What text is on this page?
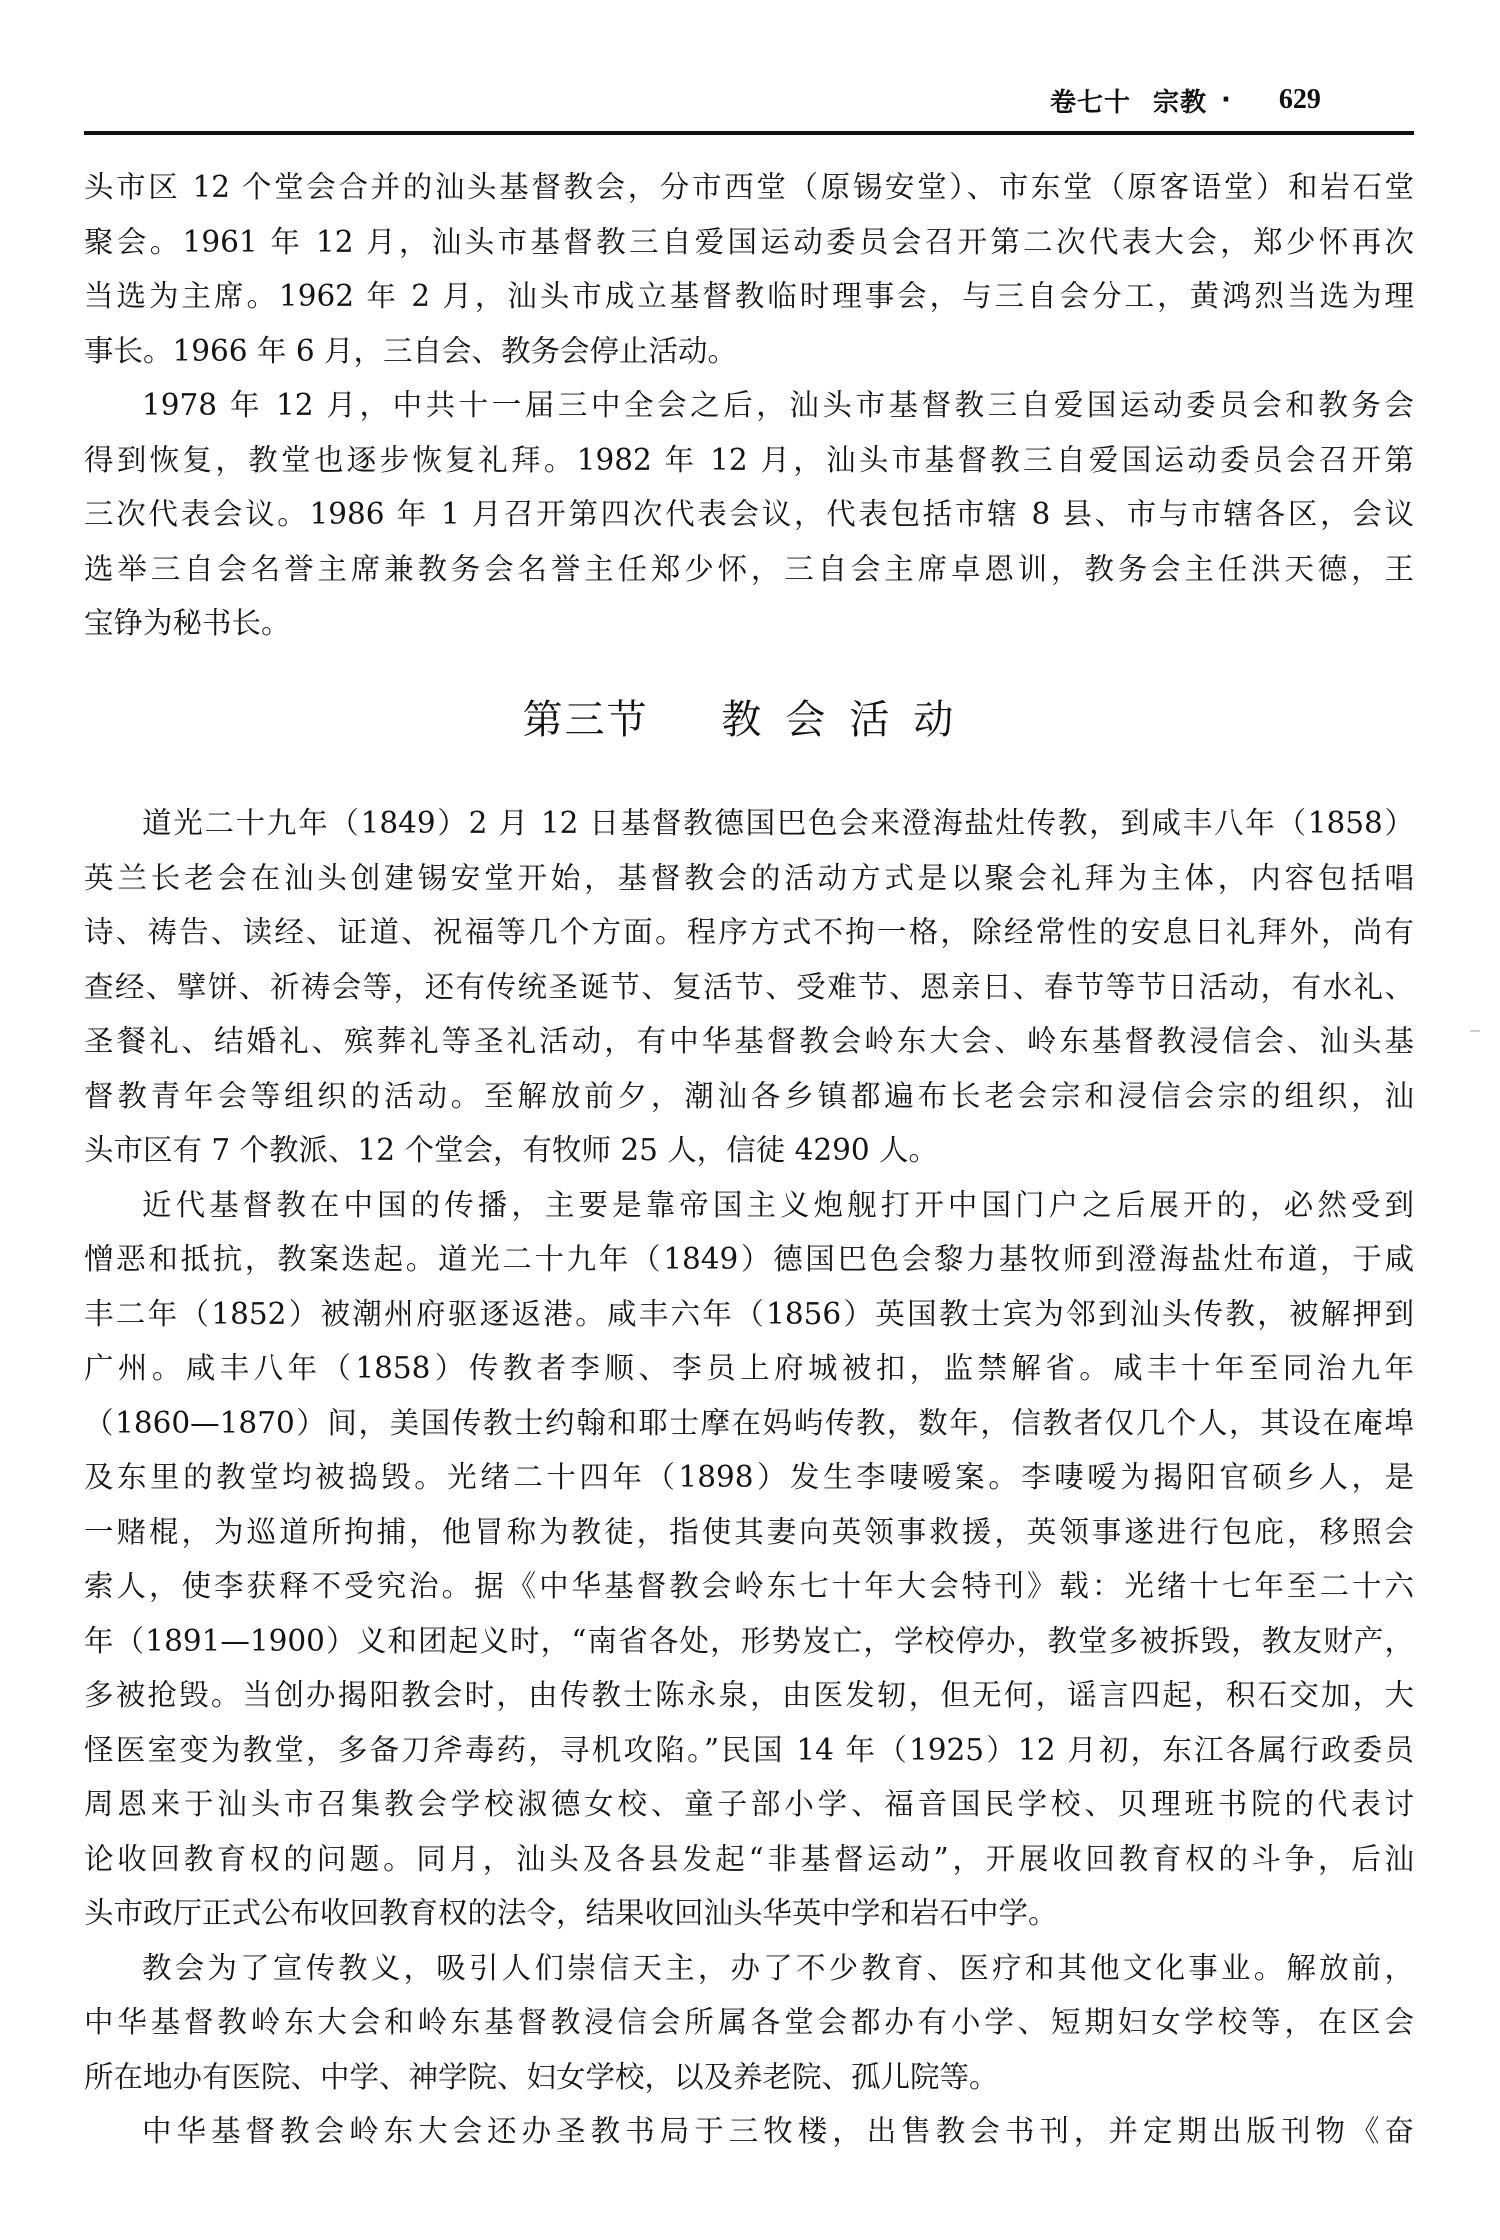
卷七十 宗教 · 629
头市区 12 个堂会合并的汕头基督教会，分市西堂（原锡安堂）、市东堂（原客语堂）和岩石堂
聚会。1961 年 12 月，汕头市基督教三自爱国运动委员会召开第二次代表大会，郑少怀再次
当选为主席。1962 年 2 月，汕头市成立基督教临时理事会，与三自会分工，黄鸿烈当选为理
事长。1966 年 6 月，三自会、教务会停止活动。
1978 年 12 月，中共十一届三中全会之后，汕头市基督教三自爱国运动委员会和教务会
得到恢复，教堂也逐步恢复礼拜。1982 年 12 月，汕头市基督教三自爱国运动委员会召开第
三次代表会议。1986 年 1 月召开第四次代表会议，代表包括市辖 8 县、市与市辖各区，会议
选举三自会名誉主席兼教务会名誉主任郑少怀，三自会主席卓恩训，教务会主任洪天德，王
宝铮为秘书长。
第三节 教会活动
道光二十九年（1849）2 月 12 日基督教德国巴色会来澄海盐灶传教，到咸丰八年（1858）
英兰长老会在汕头创建锡安堂开始，基督教会的活动方式是以聚会礼拜为主体，内容包括唱
诗、祷告、读经、证道、祝福等几个方面。程序方式不拘一格，除经常性的安息日礼拜外，尚有
查经、擘饼、祈祷会等，还有传统圣诞节、复活节、受难节、恩亲日、春节等节日活动，有水礼、
圣餐礼、结婚礼、殡葬礼等圣礼活动，有中华基督教会岭东大会、岭东基督教浸信会、汕头基
督教青年会等组织的活动。至解放前夕，潮汕各乡镇都遍布长老会宗和浸信会宗的组织，汕
头市区有 7 个教派、12 个堂会，有牧师 25 人，信徒 4290 人。
近代基督教在中国的传播，主要是靠帝国主义炮舰打开中国门户之后展开的，必然受到
憎恶和抵抗，教案迭起。道光二十九年（1849）德国巴色会黎力基牧师到澄海盐灶布道，于咸
丰二年（1852）被潮州府驱逐返港。咸丰六年（1856）英国教士宾为邻到汕头传教，被解押到
广州。咸丰八年（1858）传教者李顺、李员上府城被扣，监禁解省。咸丰十年至同治九年
（1860—1870）间，美国传教士约翰和耶士摩在妈屿传教，数年，信教者仅几个人，其设在庵埠
及东里的教堂均被捣毁。光绪二十四年（1898）发生李啛嗳案。李啛嗳为揭阳官硕乡人，是
一赌棍，为巡道所拘捕，他冒称为教徒，指使其妻向英领事救援，英领事遂进行包庇，移照会
索人，使李获释不受究治。据《中华基督教会岭东七十年大会特刊》载：光绪十七年至二十六
年（1891—1900）义和团起义时，“南省各处，形势岌亡，学校停办，教堂多被拆毁，教友财产，
多被抢毁。当创办揭阳教会时，由传教士陈永泉，由医发轫，但无何，谣言四起，积石交加，大
怪医室变为教堂，多备刀斧毒药，寻机攻陷。”民国 14 年（1925）12 月初，东江各属行政委员
周恩来于汕头市召集教会学校淑德女校、童子部小学、福音国民学校、贝理班书院的代表讨
论收回教育权的问题。同月，汕头及各县发起“非基督运动”，开展收回教育权的斗争，后汕
头市政厅正式公布收回教育权的法令，结果收回汕头华英中学和岩石中学。
教会为了宣传教义，吸引人们崇信天主，办了不少教育、医疗和其他文化事业。解放前，
中华基督教岭东大会和岭东基督教浸信会所属各堂会都办有小学、短期妇女学校等，在区会
所在地办有医院、中学、神学院、妇女学校，以及养老院、孤儿院等。
中华基督教会岭东大会还办圣教书局于三牧楼，出售教会书刊，并定期出版刊物《奋
